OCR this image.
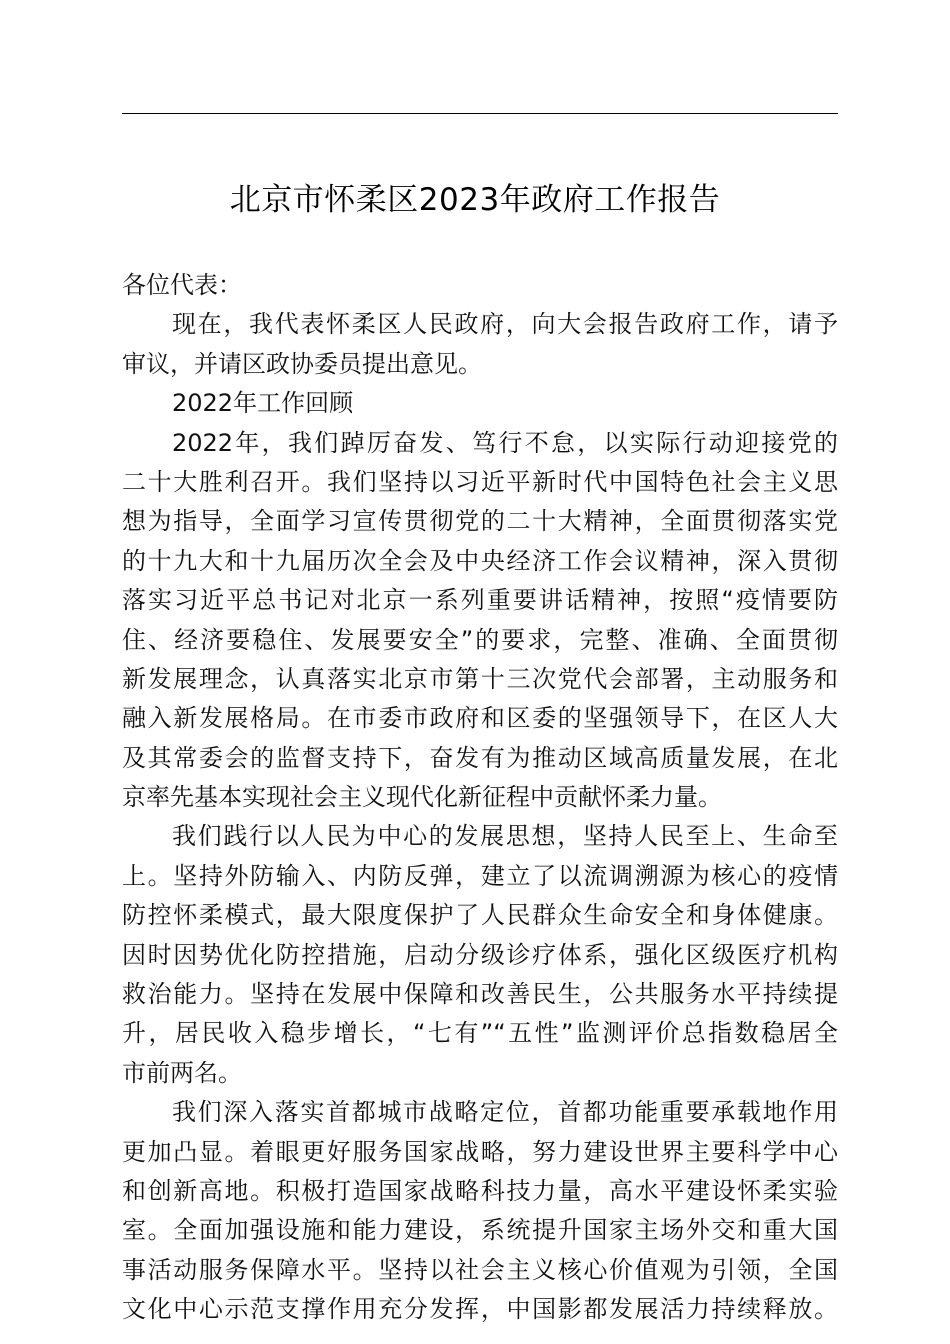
北京市怀柔区2023年政府工作报告
各位代表：
现在，我代表怀柔区人民政府，向大会报告政府工作，请予
审议，并请区政协委员提出意见。
2022年工作回顾
2022年，我们踔厉奋发、笃行不怠，以实际行动迎接党的
二十大胜利召开。我们坚持以习近平新时代中国特色社会主义思
想为指导，全面学习宣传贯彻党的二十大精神，全面贯彻落实党
的十九大和十九届历次全会及中央经济工作会议精神，深入贯彻
落实习近平总书记对北京一系列重要讲话精神，按照“疫情要防
住、经济要稳住、发展要安全”的要求，完整、准确、全面贯彻
新发展理念，认真落实北京市第十三次党代会部署，主动服务和
融入新发展格局。在市委市政府和区委的坚强领导下，在区人大
及其常委会的监督支持下，奋发有为推动区域高质量发展，在北
京率先基本实现社会主义现代化新征程中贡献怀柔力量。
我们践行以人民为中心的发展思想，坚持人民至上、生命至
上。坚持外防输入、内防反弹，建立了以流调溯源为核心的疫情
防控怀柔模式，最大限度保护了人民群众生命安全和身体健康。
因时因势优化防控措施，启动分级诊疗体系，强化区级医疗机构
救治能力。坚持在发展中保障和改善民生，公共服务水平持续提
升，居民收入稳步增长，“七有”“五性”监测评价总指数稳居全
市前两名。
我们深入落实首都城市战略定位，首都功能重要承载地作用
更加凸显。着眼更好服务国家战略，努力建设世界主要科学中心
和创新高地。积极打造国家战略科技力量，高水平建设怀柔实验
室。全面加强设施和能力建设，系统提升国家主场外交和重大国
事活动服务保障水平。坚持以社会主义核心价值观为引领，全国
文化中心示范支撑作用充分发挥，中国影都发展活力持续释放。
